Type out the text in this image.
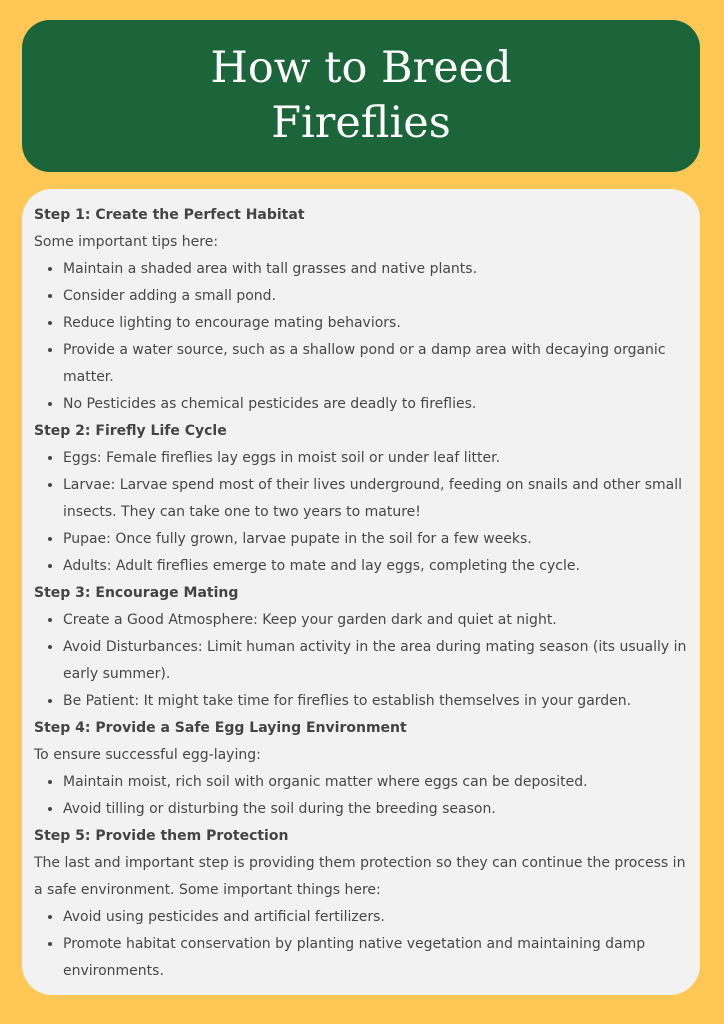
How to Breed Fireflies

Step 1: Create the Perfect Habitat

Some important tips here:

• Maintain a shaded area with tall grasses and native plants.
• Consider adding a small pond.
• Reduce lighting to encourage mating behaviors.
• Provide a water source, such as a shallow pond or a damp area with decaying organic matter.
• No Pesticides as chemical pesticides are deadly to fireflies.

Step 2: Firefly Life Cycle

• Eggs: Female fireflies lay eggs in moist soil or under leaf litter.
• Larvae: Larvae spend most of their lives underground, feeding on snails and other small insects. They can take one to two years to mature!
• Pupae: Once fully grown, larvae pupate in the soil for a few weeks.
• Adults: Adult fireflies emerge to mate and lay eggs, completing the cycle.

Step 3: Encourage Mating

• Create a Good Atmosphere: Keep your garden dark and quiet at night.
• Avoid Disturbances: Limit human activity in the area during mating season (its usually in early summer).
• Be Patient: It might take time for fireflies to establish themselves in your garden.

Step 4: Provide a Safe Egg Laying Environment

To ensure successful egg-laying:

• Maintain moist, rich soil with organic matter where eggs can be deposited.
• Avoid tilling or disturbing the soil during the breeding season.

Step 5: Provide them Protection

The last and important step is providing them protection so they can continue the process in a safe environment. Some important things here:

• Avoid using pesticides and artificial fertilizers.
• Promote habitat conservation by planting native vegetation and maintaining damp environments.
